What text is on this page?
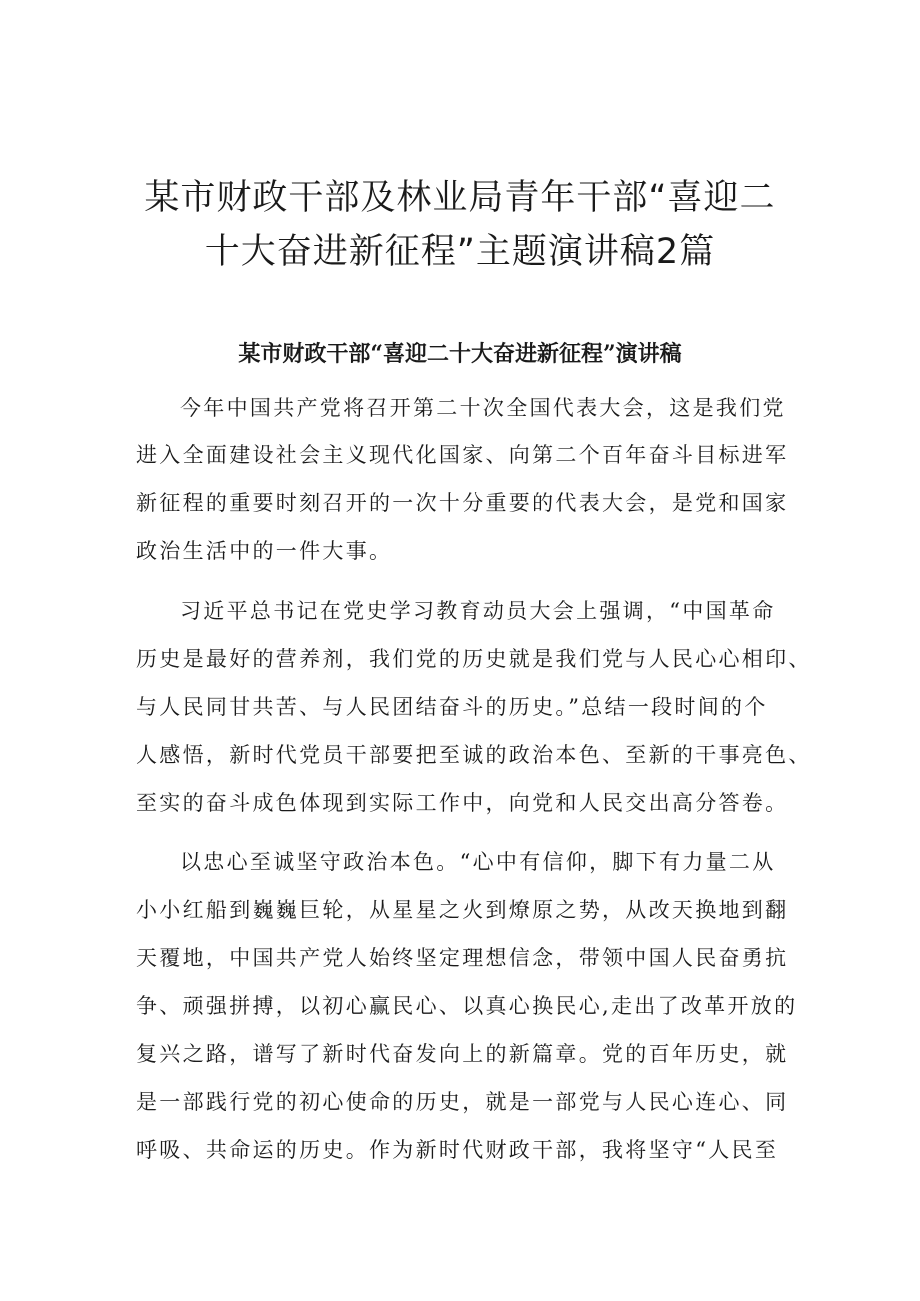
某市财政干部及林业局青年干部“喜迎二
十大奋进新征程”主题演讲稿2篇
某市财政干部“喜迎二十大奋进新征程”演讲稿

今年中国共产党将召开第二十次全国代表大会，这是我们党

进入全面建设社会主义现代化国家、向第二个百年奋斗目标进军

新征程的重要时刻召开的一次十分重要的代表大会，是党和国家

政治生活中的一件大事。

习近平总书记在党史学习教育动员大会上强调，“中国革命

历史是最好的营养剂，我们党的历史就是我们党与人民心心相印、

与人民同甘共苦、与人民团结奋斗的历史。”总结一段时间的个

人感悟，新时代党员干部要把至诚的政治本色、至新的干事亮色、

至实的奋斗成色体现到实际工作中，向党和人民交出高分答卷。

以忠心至诚坚守政治本色。“心中有信仰，脚下有力量二从

小小红船到巍巍巨轮，从星星之火到燎原之势，从改天换地到翻

天覆地，中国共产党人始终坚定理想信念，带领中国人民奋勇抗

争、顽强拼搏，以初心赢民心、以真心换民心,走出了改革开放的

复兴之路，谱写了新时代奋发向上的新篇章。党的百年历史，就

是一部践行党的初心使命的历史，就是一部党与人民心连心、同

呼吸、共命运的历史。作为新时代财政干部，我将坚守“人民至
